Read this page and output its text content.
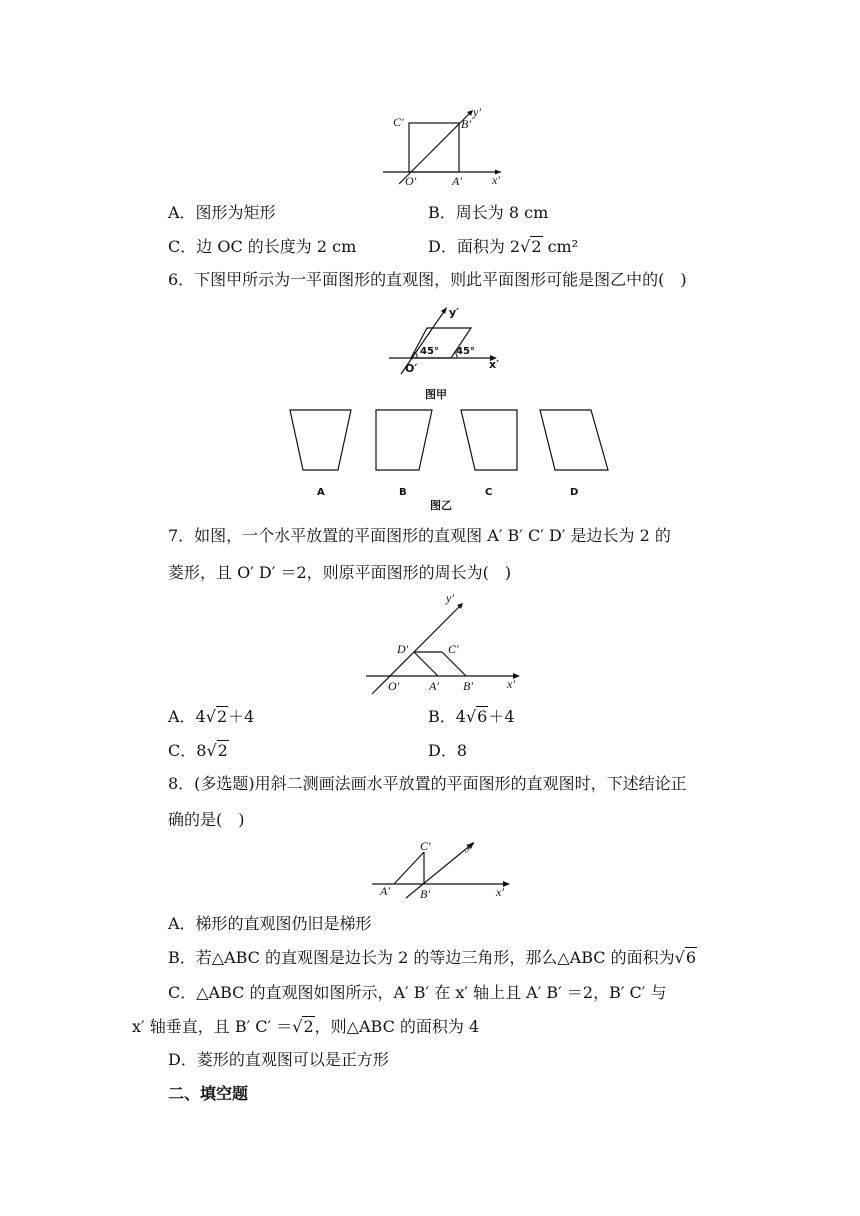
C′	B′
y′
O′	A′	x′
A．图形为矩形	B．周长为 8 cm
C．边 OC 的长度为 2 cm	D．面积为 2√2 cm²
6．下图甲所示为一平面图形的直观图，则此平面图形可能是图乙中的(　)
y′
45° 45°
O′	x′
图甲
A	B	C	D
图乙
7．如图，一个水平放置的平面图形的直观图 A′ B′ C′ D′ 是边长为 2 的
菱形，且 O′ D′ ＝2，则原平面图形的周长为(　)
y′
D′	C′
O′ A′ B′	x′
A．4√2＋4	B．4√6＋4
C．8√2	D．8
8．(多选题)用斜二测画法画水平放置的平面图形的直观图时，下述结论正
确的是(　)
C′	y′
A′	B′	x′
A．梯形的直观图仍旧是梯形
B．若△ABC 的直观图是边长为 2 的等边三角形，那么△ABC 的面积为√6
C．△ABC 的直观图如图所示，A′ B′ 在 x′ 轴上且 A′ B′ ＝2，B′ C′ 与
x′ 轴垂直，且 B′ C′ ＝√2，则△ABC 的面积为 4
D．菱形的直观图可以是正方形
二、填空题
